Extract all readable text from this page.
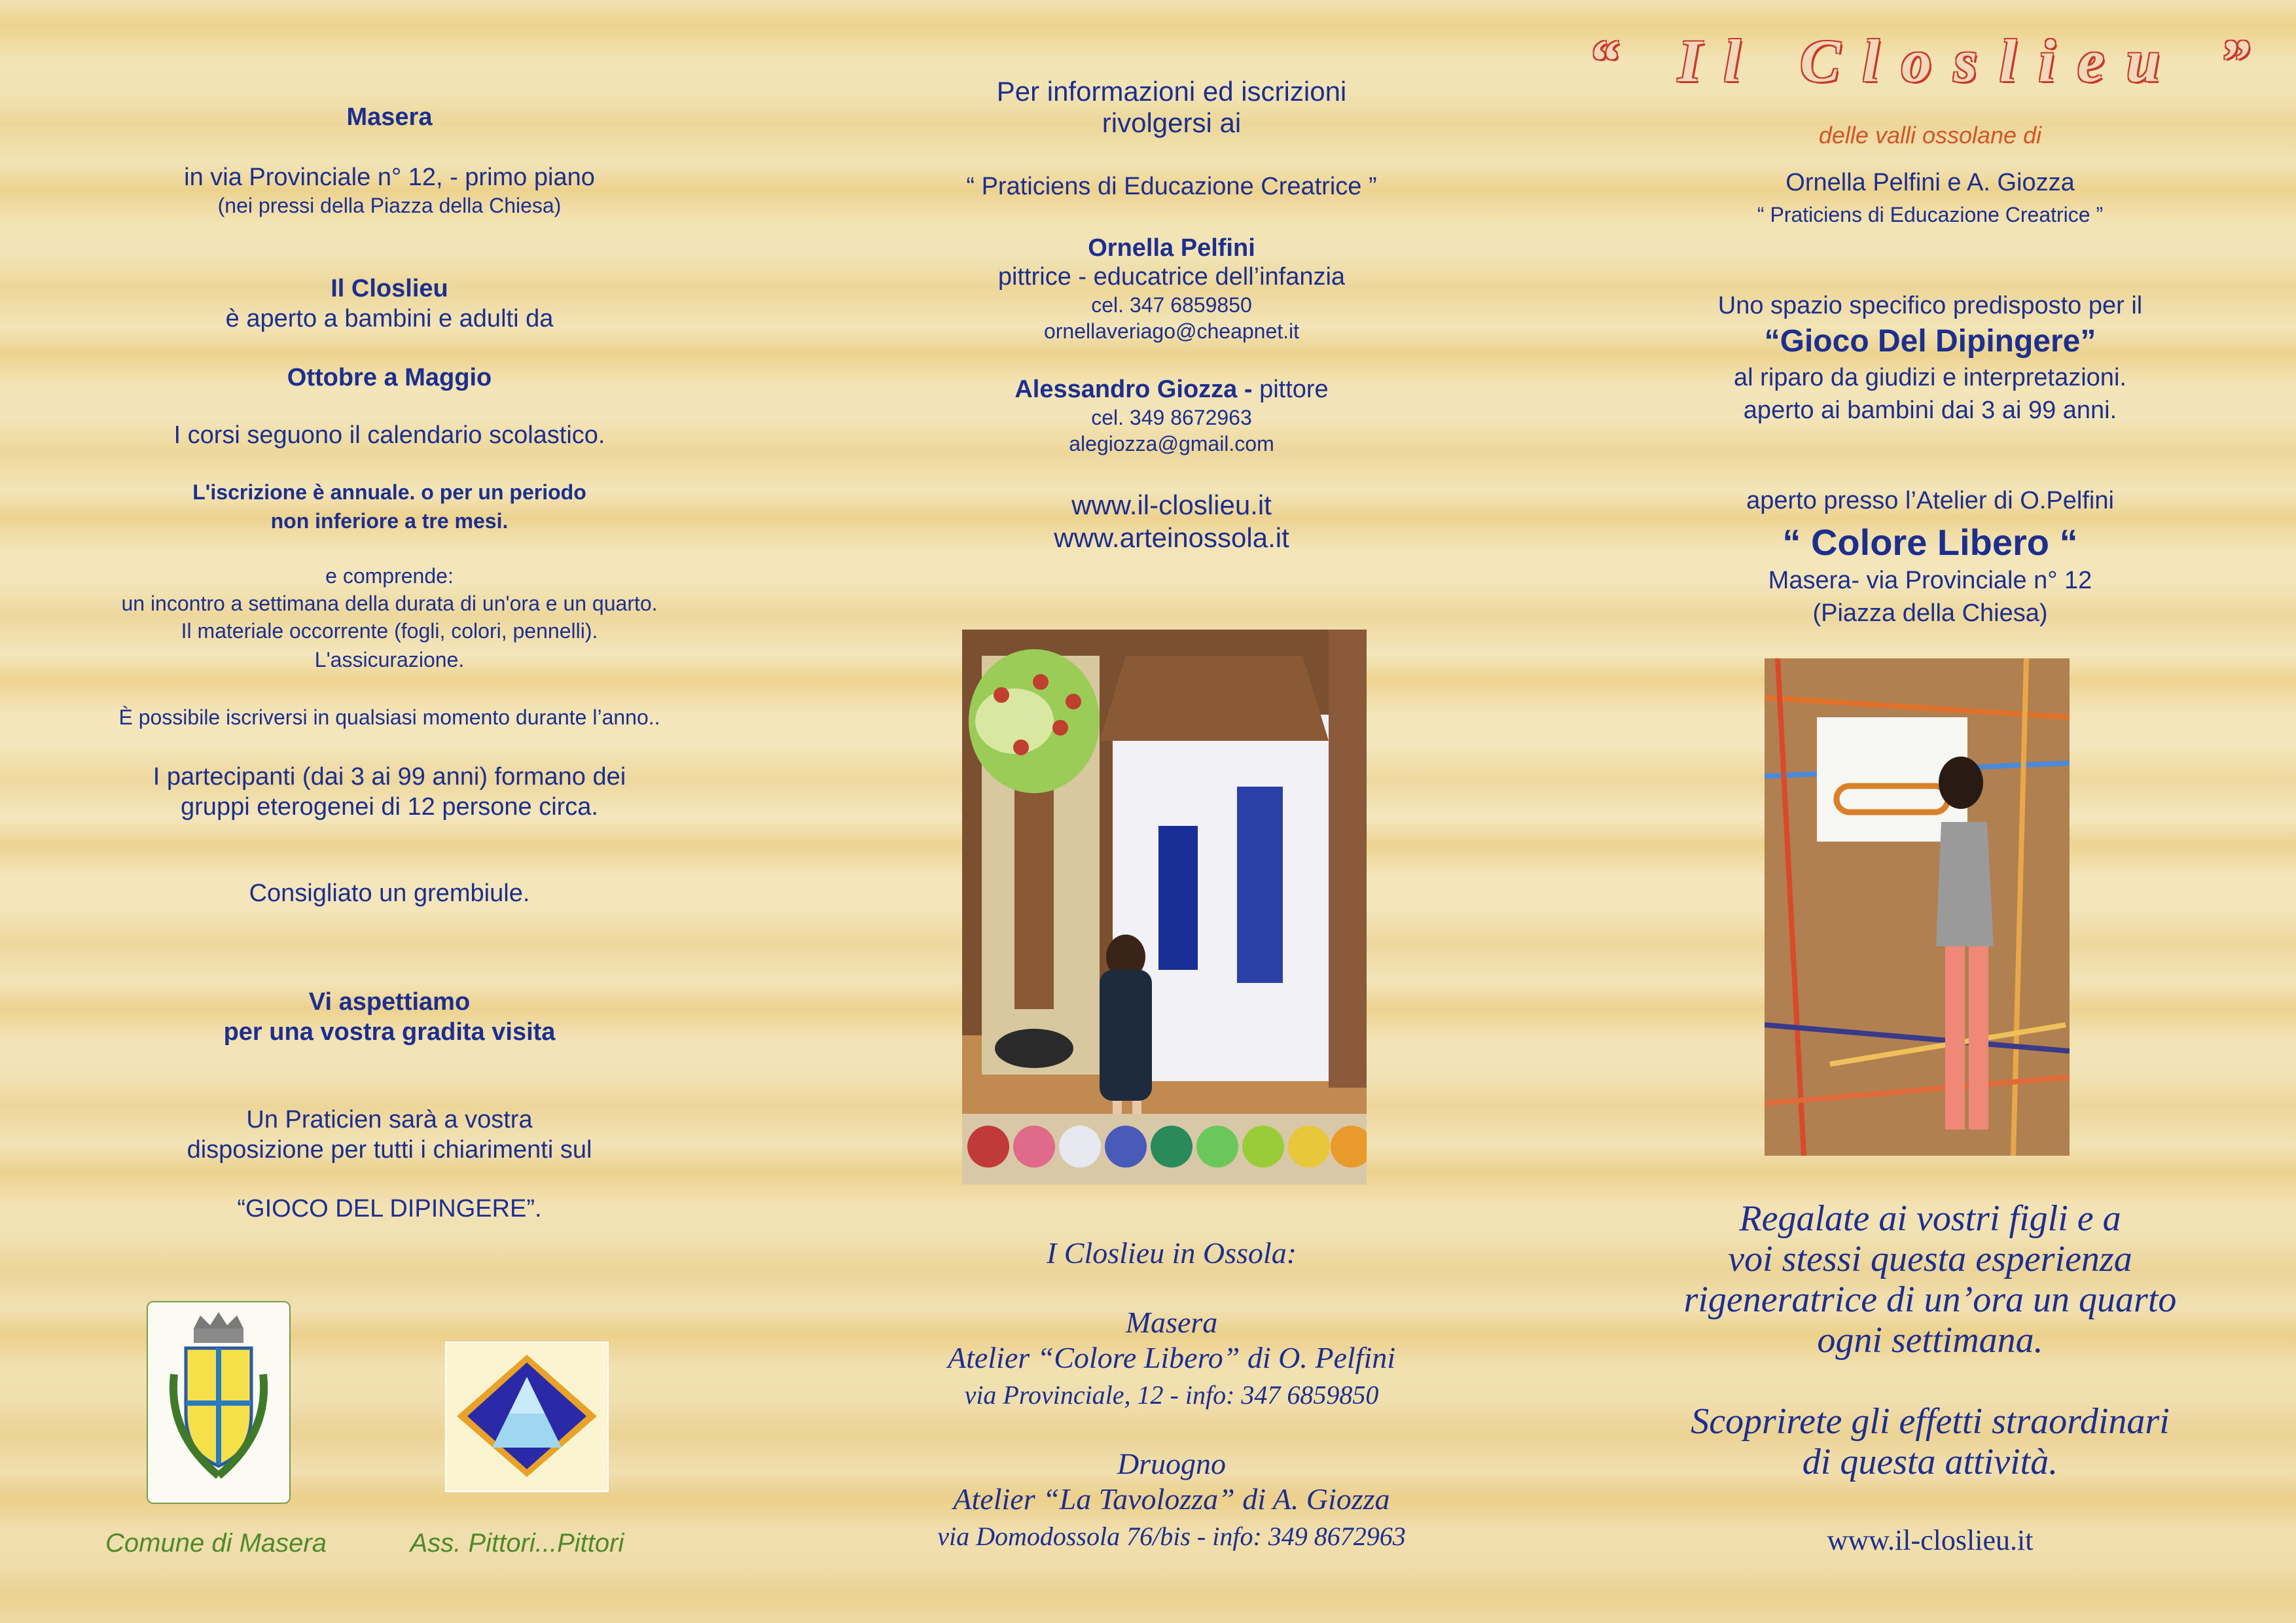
Masera
in via Provinciale n° 12, - primo piano
(nei pressi della Piazza della Chiesa)
Il Closlieu
è aperto a bambini e adulti da
Ottobre a Maggio
I corsi seguono il calendario scolastico.
L'iscrizione è annuale. o per un periodo
non inferiore a tre mesi.
e comprende:
un incontro a settimana della durata di un'ora e un quarto.
Il materiale occorrente (fogli, colori, pennelli).
L'assicurazione.
È possibile iscriversi in qualsiasi momento durante l’anno..
I partecipanti (dai 3 ai 99 anni) formano dei
gruppi eterogenei di 12 persone circa.
Consigliato un grembiule.
Vi aspettiamo
per una vostra gradita visita
Un Praticien sarà a vostra
disposizione per tutti i chiarimenti sul
“GIOCO DEL DIPINGERE”.
Comune di Masera	Ass. Pittori...Pittori
Per informazioni ed iscrizioni
rivolgersi ai
“ Praticiens di Educazione Creatrice ”
Ornella Pelfini
pittrice - educatrice dell’infanzia
cel. 347 6859850
ornellaveriago@cheapnet.it
Alessandro Giozza - pittore
cel. 349 8672963
alegiozza@gmail.com
www.il-closlieu.it
www.arteinossola.it
I Closlieu in Ossola:
Masera
Atelier “Colore Libero” di O. Pelfini
via Provinciale, 12 - info: 347 6859850
Druogno
Atelier “La Tavolozza” di A. Giozza
via Domodossola 76/bis - info: 349 8672963
“ Il Closlieu ”
delle valli ossolane di
Ornella Pelfini e A. Giozza
“ Praticiens di Educazione Creatrice ”
Uno spazio specifico predisposto per il
“Gioco Del Dipingere”
al riparo da giudizi e interpretazioni.
aperto ai bambini dai 3 ai 99 anni.
aperto presso l’Atelier di O.Pelfini
“ Colore Libero “
Masera- via Provinciale n° 12
(Piazza della Chiesa)
Regalate ai vostri figli e a
voi stessi questa esperienza
rigeneratrice di un’ora un quarto
ogni settimana.
Scoprirete gli effetti straordinari
di questa attività.
www.il-closlieu.it
